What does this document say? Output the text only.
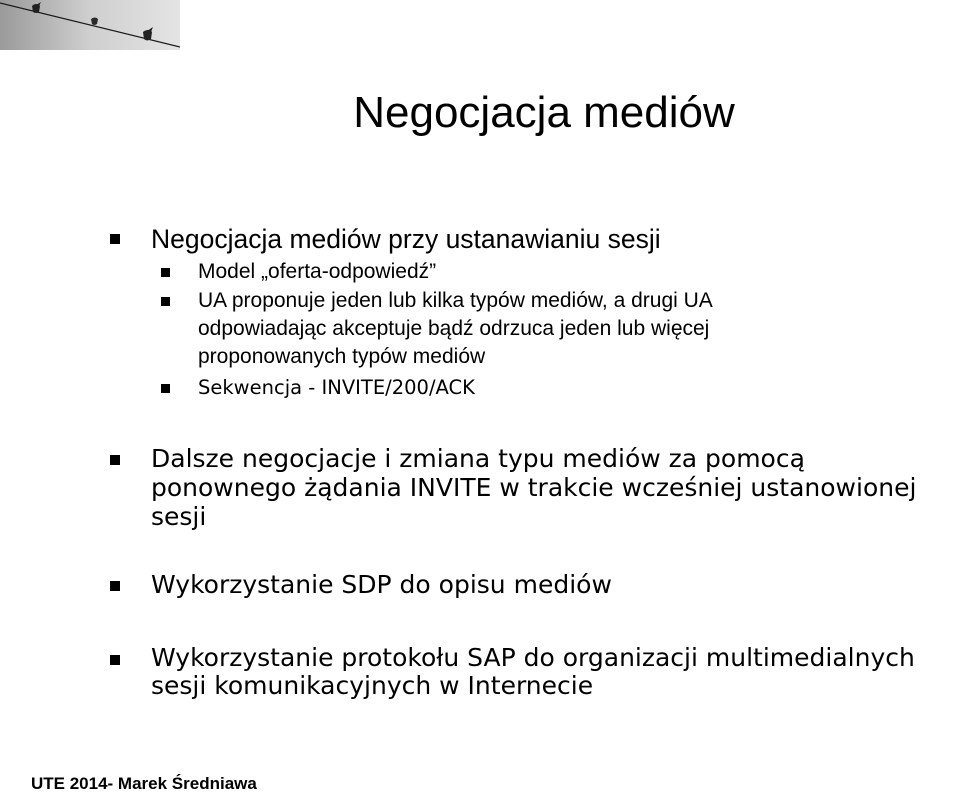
Negocjacja mediów
Negocjacja mediów przy ustanawianiu sesji
Model „oferta-odpowiedź”
UA proponuje jeden lub kilka typów mediów, a drugi UA
odpowiadając akceptuje bądź odrzuca jeden lub więcej
proponowanych typów mediów
Sekwencja - INVITE/200/ACK
Dalsze negocjacje i zmiana typu mediów za pomocą
ponownego żądania INVITE w trakcie wcześniej ustanowionej
sesji
Wykorzystanie SDP do opisu mediów
Wykorzystanie protokołu SAP do organizacji multimedialnych
sesji komunikacyjnych w Internecie
UTE 2014- Marek Średniawa
